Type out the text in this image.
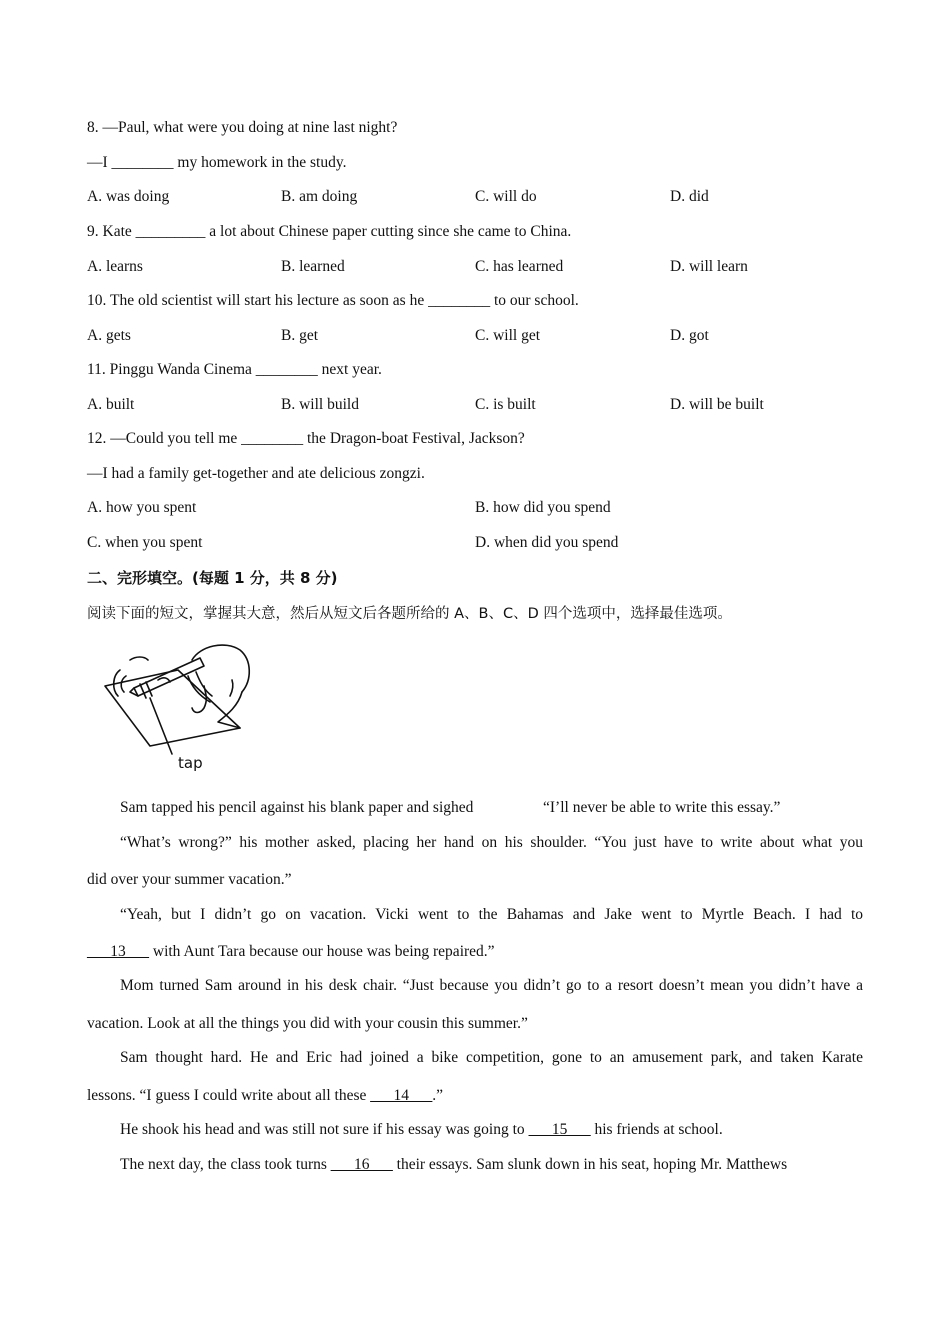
8. —Paul, what were you doing at nine last night?
—I ________ my homework in the study.
A. was doing	B. am doing	C. will do	D. did
9. Kate _________ a lot about Chinese paper cutting since she came to China.
A. learns	B. learned	C. has learned	D. will learn
10. The old scientist will start his lecture as soon as he ________ to our school.
A. gets	B. get	C. will get	D. got
11. Pinggu Wanda Cinema ________ next year.
A. built	B. will build	C. is built	D. will be built
12. —Could you tell me ________ the Dragon-boat Festival, Jackson?
—I had a family get-together and ate delicious zongzi.
A. how you spent	B. how did you spend
C. when you spent	D. when did you spend
二、完形填空。(每题 1 分，共 8 分)
阅读下面的短文，掌握其大意，然后从短文后各题所给的 A、B、C、D 四个选项中，选择最佳选项。
tap
Sam tapped his pencil against his blank paper and sighed	“I’ll never be able to write this essay.”
“What’s wrong?” his mother asked, placing her hand on his shoulder. “You just have to write about what you
did over your summer vacation.”
“Yeah, but I didn’t go on vacation. Vicki went to the Bahamas and Jake went to Myrtle Beach. I had to
___13___ with Aunt Tara because our house was being repaired.”
Mom turned Sam around in his desk chair. “Just because you didn’t go to a resort doesn’t mean you didn’t have a
vacation. Look at all the things you did with your cousin this summer.”
Sam thought hard. He and Eric had joined a bike competition, gone to an amusement park, and taken Karate
lessons. “I guess I could write about all these ___14___.”
He shook his head and was still not sure if his essay was going to ___15___ his friends at school.
The next day, the class took turns ___16___ their essays. Sam slunk down in his seat, hoping Mr. Matthews
